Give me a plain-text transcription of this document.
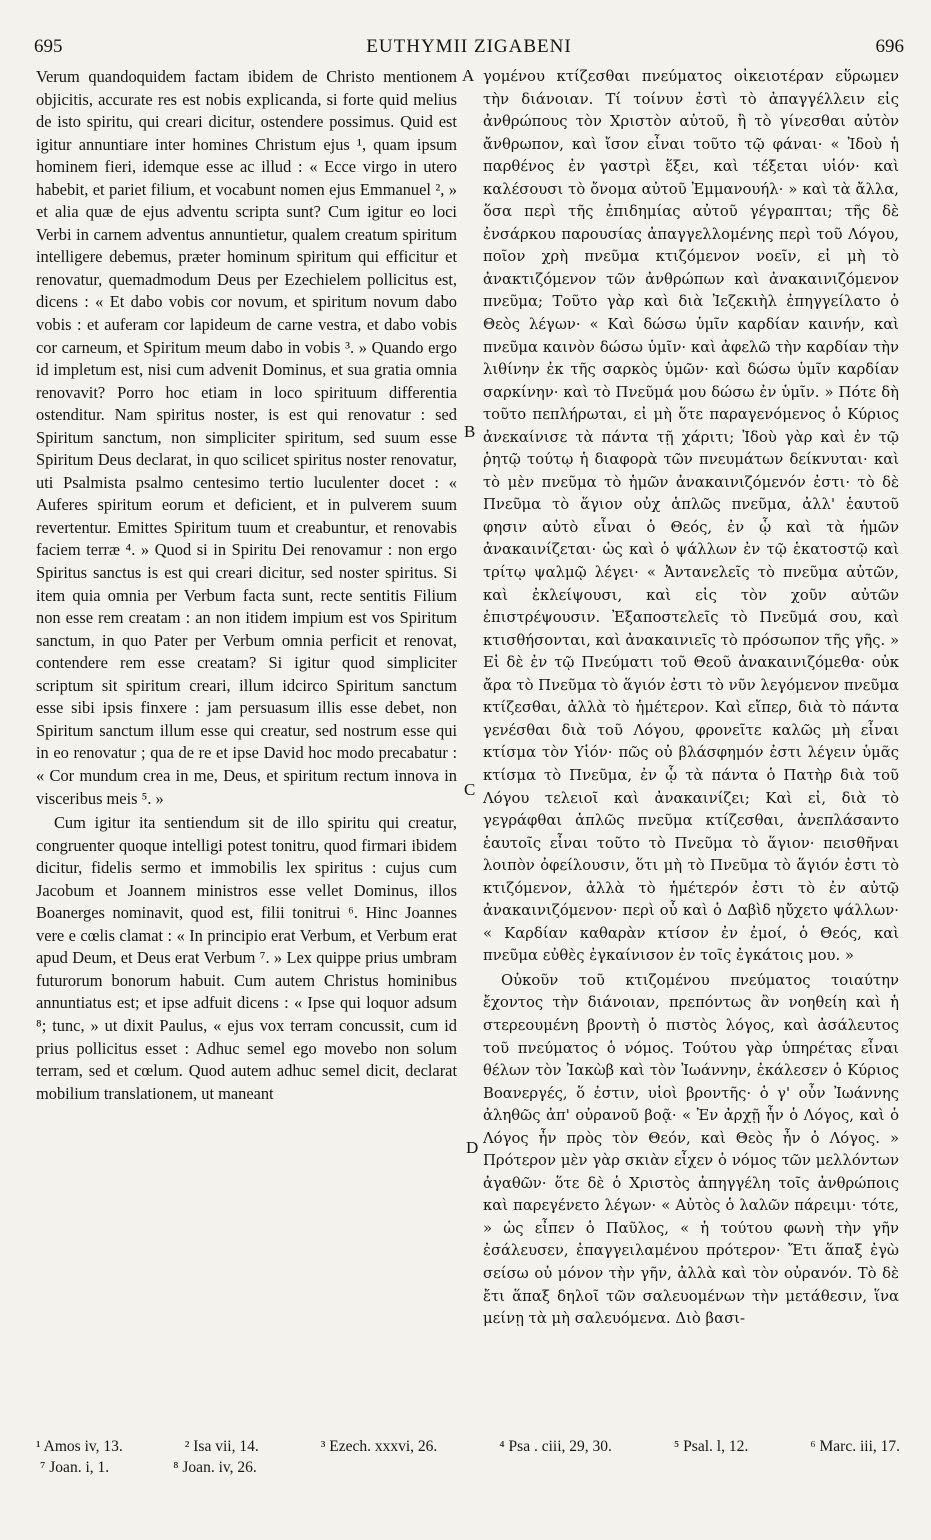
695	EUTHYMII ZIGABENI	696

Verum quandoquidem factam ibidem de Christo mentionem objicitis, accurate res est nobis explicanda, si forte quid melius de isto spiritu, qui creari dicitur, ostendere possimus. Quid est igitur annuntiare inter homines Christum ejus ¹, quam ipsum hominem fieri, idemque esse ac illud : « Ecce virgo in utero habebit, et pariet filium, et vocabunt nomen ejus Emmanuel ², » et alia quæ de ejus adventu scripta sunt? Cum igitur eo loci Verbi in carnem adventus annuntietur, qualem creatum spiritum intelligere debemus, præter hominum spiritum qui efficitur et renovatur, quemadmodum Deus per Ezechielem pollicitus est, dicens : « Et dabo vobis cor novum, et spiritum novum dabo vobis : et auferam cor lapideum de carne vestra, et dabo vobis cor carneum, et Spiritum meum dabo in vobis ³. » Quando ergo id impletum est, nisi cum advenit Dominus, et sua gratia omnia renovavit? Porro hoc etiam in loco spirituum differentia ostenditur. Nam spiritus noster, is est qui renovatur : sed Spiritum sanctum, non simpliciter spiritum, sed suum esse Spiritum Deus declarat, in quo scilicet spiritus noster renovatur, uti Psalmista psalmo centesimo tertio luculenter docet : « Auferes spiritum eorum et deficient, et in pulverem suum revertentur. Emittes Spiritum tuum et creabuntur, et renovabis faciem terræ ⁴. » Quod si in Spiritu Dei renovamur : non ergo Spiritus sanctus is est qui creari dicitur, sed noster spiritus. Si item quia omnia per Verbum facta sunt, recte sentitis Filium non esse rem creatam : an non itidem impium est vos Spiritum sanctum, in quo Pater per Verbum omnia perficit et renovat, contendere rem esse creatam? Si igitur quod simpliciter scriptum sit spiritum creari, illum idcirco Spiritum sanctum esse sibi ipsis finxere : jam persuasum illis esse debet, non Spiritum sanctum illum esse qui creatur, sed nostrum esse qui in eo renovatur ; qua de re et ipse David hoc modo precabatur : « Cor mundum crea in me, Deus, et spiritum rectum innova in visceribus meis ⁵. »

Cum igitur ita sentiendum sit de illo spiritu qui creatur, congruenter quoque intelligi potest tonitru, quod firmari ibidem dicitur, fidelis sermo et immobilis lex spiritus : cujus cum Jacobum et Joannem ministros esse vellet Dominus, illos Boanerges nominavit, quod est, filii tonitrui ⁶. Hinc Joannes vere e cœlis clamat : « In principio erat Verbum, et Verbum erat apud Deum, et Deus erat Verbum ⁷. » Lex quippe prius umbram futurorum bonorum habuit. Cum autem Christus hominibus annuntiatus est; et ipse adfuit dicens : « Ipse qui loquor adsum ⁸; tunc, » ut dixit Paulus, « ejus vox terram concussit, cum id prius pollicitus esset : Adhuc semel ego movebo non solum terram, sed et cœlum. Quod autem adhuc semel dicit, declarat mobilium translationem, ut maneant

A
B
C
D

γομένου κτίζεσθαι πνεύματος οἰκειοτέραν εὕρωμεν τὴν διάνοιαν. Τί τοίνυν ἐστὶ τὸ ἀπαγγέλλειν εἰς ἀνθρώπους τὸν Χριστὸν αὐτοῦ, ἢ τὸ γίνεσθαι αὐτὸν ἄνθρωπον, καὶ ἴσον εἶναι τοῦτο τῷ φάναι· « Ἰδοὺ ἡ παρθένος ἐν γαστρὶ ἕξει, καὶ τέξεται υἱόν· καὶ καλέσουσι τὸ ὄνομα αὐτοῦ Ἐμμανουήλ· » καὶ τὰ ἄλλα, ὅσα περὶ τῆς ἐπιδημίας αὐτοῦ γέγραπται; τῆς δὲ ἐνσάρκου παρουσίας ἀπαγγελλομένης περὶ τοῦ Λόγου, ποῖον χρὴ πνεῦμα κτιζόμενον νοεῖν, εἰ μὴ τὸ ἀνακτιζόμενον τῶν ἀνθρώπων καὶ ἀνακαινιζόμενον πνεῦμα; Τοῦτο γὰρ καὶ διὰ Ἰεζεκιὴλ ἐπηγγείλατο ὁ Θεὸς λέγων· « Καὶ δώσω ὑμῖν καρδίαν καινήν, καὶ πνεῦμα καινὸν δώσω ὑμῖν· καὶ ἀφελῶ τὴν καρδίαν τὴν λιθίνην ἐκ τῆς σαρκὸς ὑμῶν· καὶ δώσω ὑμῖν καρδίαν σαρκίνην· καὶ τὸ Πνεῦμά μου δώσω ἐν ὑμῖν. » Πότε δὴ τοῦτο πεπλήρωται, εἰ μὴ ὅτε παραγενόμενος ὁ Κύριος ἀνεκαίνισε τὰ πάντα τῇ χάριτι; Ἰδοὺ γὰρ καὶ ἐν τῷ ῥητῷ τούτῳ ἡ διαφορὰ τῶν πνευμάτων δείκνυται· καὶ τὸ μὲν πνεῦμα τὸ ἡμῶν ἀνακαινιζόμενόν ἐστι· τὸ δὲ Πνεῦμα τὸ ἅγιον οὐχ ἁπλῶς πνεῦμα, ἀλλ' ἑαυτοῦ φησιν αὐτὸ εἶναι ὁ Θεός, ἐν ᾧ καὶ τὰ ἡμῶν ἀνακαινίζεται· ὡς καὶ ὁ ψάλλων ἐν τῷ ἑκατοστῷ καὶ τρίτῳ ψαλμῷ λέγει· « Ἀντανελεῖς τὸ πνεῦμα αὐτῶν, καὶ ἐκλείψουσι, καὶ εἰς τὸν χοῦν αὐτῶν ἐπιστρέψουσιν. Ἐξαποστελεῖς τὸ Πνεῦμά σου, καὶ κτισθήσονται, καὶ ἀνακαινιεῖς τὸ πρόσωπον τῆς γῆς. » Εἰ δὲ ἐν τῷ Πνεύματι τοῦ Θεοῦ ἀνακαινιζόμεθα· οὐκ ἄρα τὸ Πνεῦμα τὸ ἅγιόν ἐστι τὸ νῦν λεγόμενον πνεῦμα κτίζεσθαι, ἀλλὰ τὸ ἡμέτερον. Καὶ εἴπερ, διὰ τὸ πάντα γενέσθαι διὰ τοῦ Λόγου, φρονεῖτε καλῶς μὴ εἶναι κτίσμα τὸν Υἱόν· πῶς οὐ βλάσφημόν ἐστι λέγειν ὑμᾶς κτίσμα τὸ Πνεῦμα, ἐν ᾧ τὰ πάντα ὁ Πατὴρ διὰ τοῦ Λόγου τελειοῖ καὶ ἀνακαινίζει; Καὶ εἰ, διὰ τὸ γεγράφθαι ἁπλῶς πνεῦμα κτίζεσθαι, ἀνεπλάσαντο ἑαυτοῖς εἶναι τοῦτο τὸ Πνεῦμα τὸ ἅγιον· πεισθῆναι λοιπὸν ὀφείλουσιν, ὅτι μὴ τὸ Πνεῦμα τὸ ἅγιόν ἐστι τὸ κτιζόμενον, ἀλλὰ τὸ ἡμέτερόν ἐστι τὸ ἐν αὐτῷ ἀνακαινιζόμενον· περὶ οὗ καὶ ὁ Δαβὶδ ηὔχετο ψάλλων· « Καρδίαν καθαρὰν κτίσον ἐν ἐμοί, ὁ Θεός, καὶ πνεῦμα εὐθὲς ἐγκαίνισον ἐν τοῖς ἐγκάτοις μου. »

Οὐκοῦν τοῦ κτιζομένου πνεύματος τοιαύτην ἔχοντος τὴν διάνοιαν, πρεπόντως ἂν νοηθείη καὶ ἡ στερεουμένη βροντὴ ὁ πιστὸς λόγος, καὶ ἀσάλευτος τοῦ πνεύματος ὁ νόμος. Τούτου γὰρ ὑπηρέτας εἶναι θέλων τὸν Ἰακὼβ καὶ τὸν Ἰωάννην, ἐκάλεσεν ὁ Κύριος Βοανεργές, ὅ ἐστιν, υἱοὶ βροντῆς· ὁ γ' οὖν Ἰωάννης ἀληθῶς ἀπ' οὐρανοῦ βοᾷ· « Ἐν ἀρχῇ ἦν ὁ Λόγος, καὶ ὁ Λόγος ἦν πρὸς τὸν Θεόν, καὶ Θεὸς ἦν ὁ Λόγος. » Πρότερον μὲν γὰρ σκιὰν εἶχεν ὁ νόμος τῶν μελλόντων ἀγαθῶν· ὅτε δὲ ὁ Χριστὸς ἀπηγγέλη τοῖς ἀνθρώποις καὶ παρεγένετο λέγων· « Αὐτὸς ὁ λαλῶν πάρειμι· τότε, » ὡς εἶπεν ὁ Παῦλος, « ἡ τούτου φωνὴ τὴν γῆν ἐσάλευσεν, ἐπαγγειλαμένου πρότερον· Ἔτι ἅπαξ ἐγὼ σείσω οὐ μόνον τὴν γῆν, ἀλλὰ καὶ τὸν οὐρανόν. Τὸ δὲ ἔτι ἅπαξ δηλοῖ τῶν σαλευομένων τὴν μετάθεσιν, ἵνα μείνῃ τὰ μὴ σαλευόμενα. Διὸ βασι-

¹ Amos iv, 13.	² Isa vii, 14.	³ Ezech. xxxvi, 26.	⁴ Psa . ciii, 29, 30.	⁵ Psal. l, 12.	⁶ Marc. iii, 17.
⁷ Joan. i, 1.	⁸ Joan. iv, 26.
